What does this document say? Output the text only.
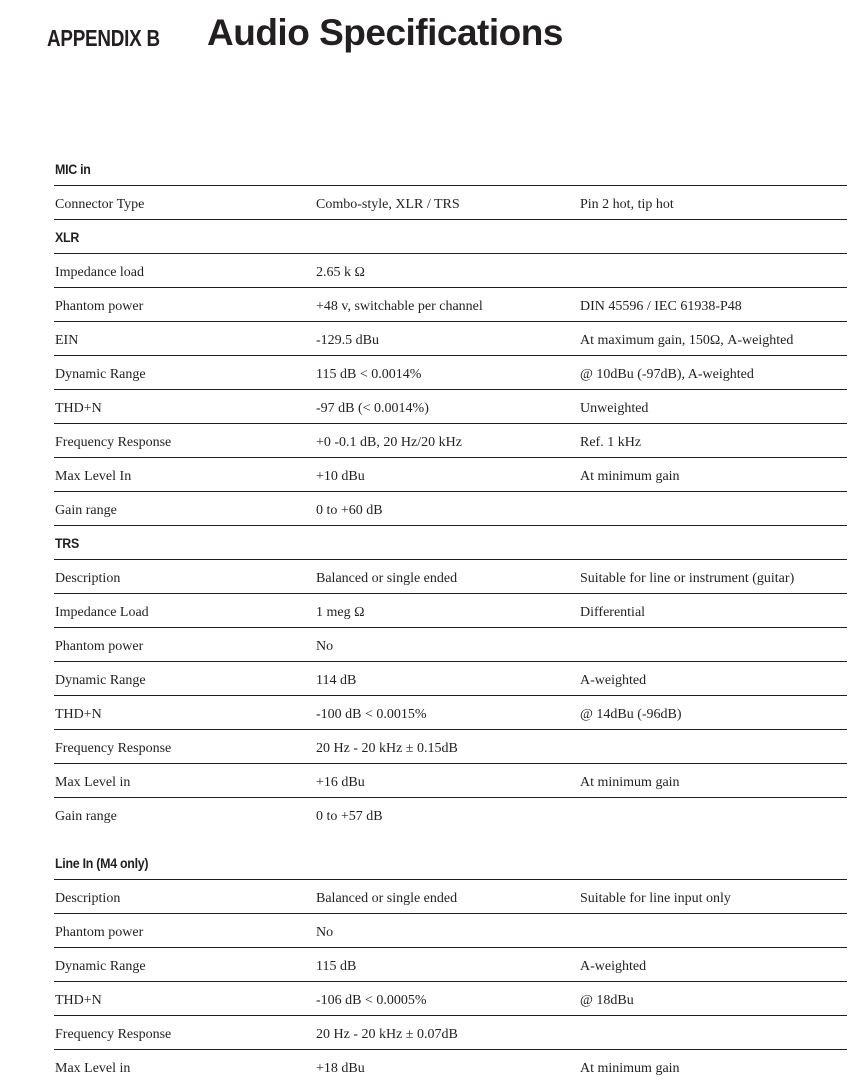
APPENDIX B Audio Specifications
MIC in
Connector Type	Combo-style, XLR / TRS	Pin 2 hot, tip hot
XLR
Impedance load	2.65 k Ω
Phantom power	+48 v, switchable per channel	DIN 45596 / IEC 61938-P48
EIN	-129.5 dBu	At maximum gain, 150Ω, A-weighted
Dynamic Range	115 dB < 0.0014%	@ 10dBu (-97dB), A-weighted
THD+N	-97 dB (< 0.0014%)	Unweighted
Frequency Response	+0 -0.1 dB, 20 Hz/20 kHz	Ref. 1 kHz
Max Level In	+10 dBu	At minimum gain
Gain range	0 to +60 dB
TRS
Description	Balanced or single ended	Suitable for line or instrument (guitar)
Impedance Load	1 meg Ω	Differential
Phantom power	No
Dynamic Range	114 dB	A-weighted
THD+N	-100 dB < 0.0015%	@ 14dBu (-96dB)
Frequency Response	20 Hz - 20 kHz ± 0.15dB
Max Level in	+16 dBu	At minimum gain
Gain range	0 to +57 dB
Line In (M4 only)
Description	Balanced or single ended	Suitable for line input only
Phantom power	No
Dynamic Range	115 dB	A-weighted
THD+N	-106 dB < 0.0005%	@ 18dBu
Frequency Response	20 Hz - 20 kHz ± 0.07dB
Max Level in	+18 dBu	At minimum gain
